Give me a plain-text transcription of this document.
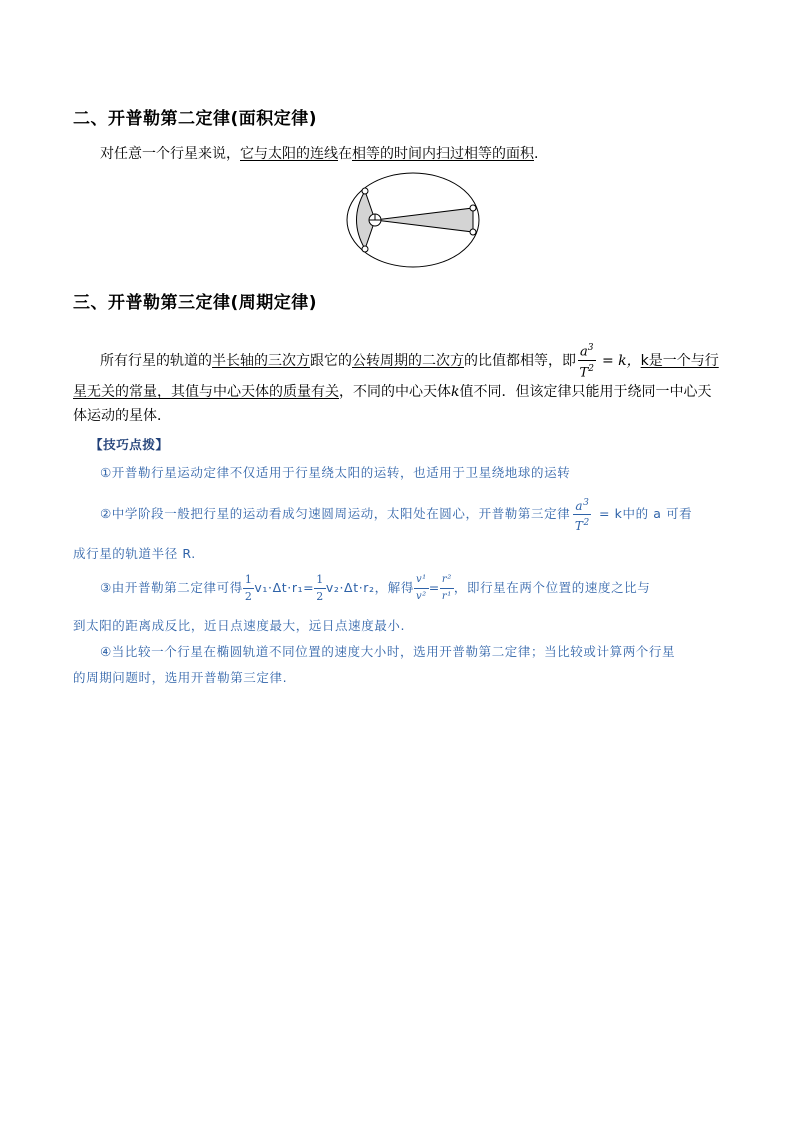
二、开普勒第二定律(面积定律)
对任意一个行星来说，它与太阳的连线在相等的时间内扫过相等的面积.
三、开普勒第三定律(周期定律)
所有行星的轨道的半长轴的三次方跟它的公转周期的二次方的比值都相等，即 $\frac{a^3}{T^2} = k$，k是一个与行
星无关的常量，其值与中心天体的质量有关，不同的中心天体k值不同．但该定律只能用于绕同一中心天
体运动的星体．
【技巧点拨】
①开普勒行星运动定律不仅适用于行星绕太阳的运转，也适用于卫星绕地球的运转
②中学阶段一般把行星的运动看成匀速圆周运动，太阳处在圆心，开普勒第三定律 $\frac{a^3}{T^2} = k$中的 a 可看
成行星的轨道半径 R.
③由开普勒第二定律可得 $\frac{1}{2} v_1\cdot\Delta t\cdot r_1= \frac{1}{2} v_2\cdot\Delta t\cdot r_2$，解得 $\frac{\text{v¹}}{\text{v²}} = \frac{\text{r²}}{\text{r¹}}$ ，即行星在两个位置的速度之比与
到太阳的距离成反比，近日点速度最大，远日点速度最小.
④当比较一个行星在椭圆轨道不同位置的速度大小时，选用开普勒第二定律；当比较或计算两个行星
的周期问题时，选用开普勒第三定律.
